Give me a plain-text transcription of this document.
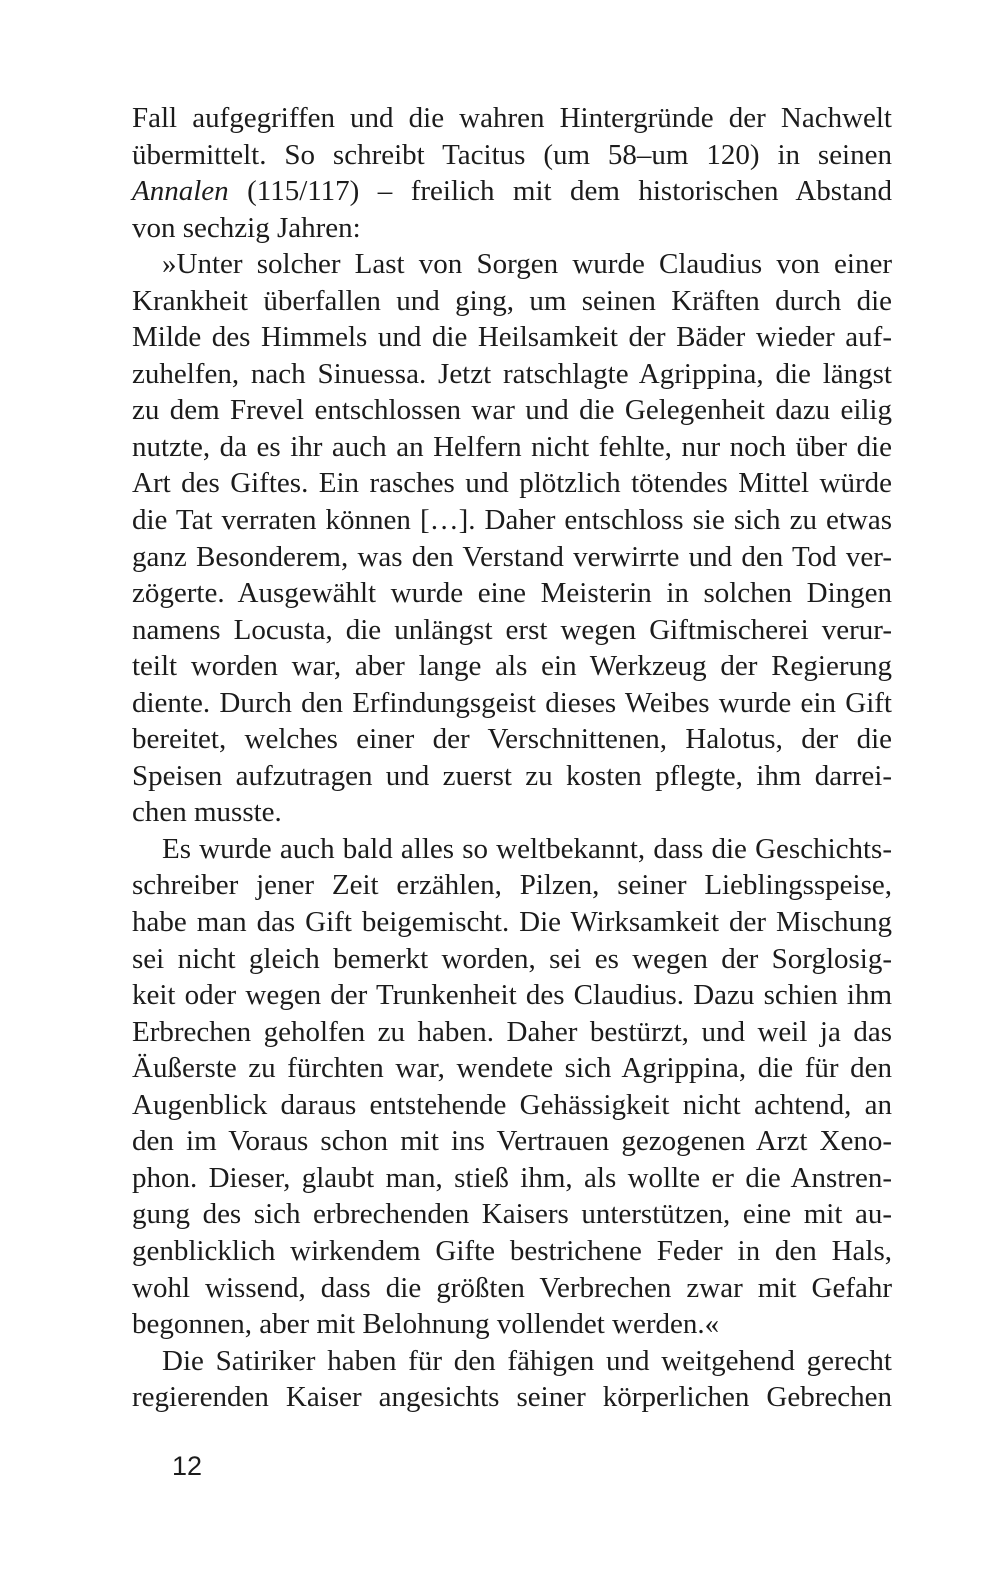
Fall aufgegriffen und die wahren Hintergründe der Nachwelt
übermittelt. So schreibt Tacitus (um 58–um 120) in seinen
Annalen (115/117) – freilich mit dem historischen Abstand
von sechzig Jahren:
»Unter solcher Last von Sorgen wurde Claudius von einer
Krankheit überfallen und ging, um seinen Kräften durch die
Milde des Himmels und die Heilsamkeit der Bäder wieder auf-
zuhelfen, nach Sinuessa. Jetzt ratschlagte Agrippina, die längst
zu dem Frevel entschlossen war und die Gelegenheit dazu eilig
nutzte, da es ihr auch an Helfern nicht fehlte, nur noch über die
Art des Giftes. Ein rasches und plötzlich tötendes Mittel würde
die Tat verraten können […]. Daher entschloss sie sich zu etwas
ganz Besonderem, was den Verstand verwirrte und den Tod ver-
zögerte. Ausgewählt wurde eine Meisterin in solchen Dingen
namens Locusta, die unlängst erst wegen Giftmischerei verur-
teilt worden war, aber lange als ein Werkzeug der Regierung
diente. Durch den Erfindungsgeist dieses Weibes wurde ein Gift
bereitet, welches einer der Verschnittenen, Halotus, der die
Speisen aufzutragen und zuerst zu kosten pflegte, ihm darrei-
chen musste.
Es wurde auch bald alles so weltbekannt, dass die Geschichts-
schreiber jener Zeit erzählen, Pilzen, seiner Lieblingsspeise,
habe man das Gift beigemischt. Die Wirksamkeit der Mischung
sei nicht gleich bemerkt worden, sei es wegen der Sorglosig-
keit oder wegen der Trunkenheit des Claudius. Dazu schien ihm
Erbrechen geholfen zu haben. Daher bestürzt, und weil ja das
Äußerste zu fürchten war, wendete sich Agrippina, die für den
Augenblick daraus entstehende Gehässigkeit nicht achtend, an
den im Voraus schon mit ins Vertrauen gezogenen Arzt Xeno-
phon. Dieser, glaubt man, stieß ihm, als wollte er die Anstren-
gung des sich erbrechenden Kaisers unterstützen, eine mit au-
genblicklich wirkendem Gifte bestrichene Feder in den Hals,
wohl wissend, dass die größten Verbrechen zwar mit Gefahr
begonnen, aber mit Belohnung vollendet werden.«
Die Satiriker haben für den fähigen und weitgehend gerecht
regierenden Kaiser angesichts seiner körperlichen Gebrechen
12
